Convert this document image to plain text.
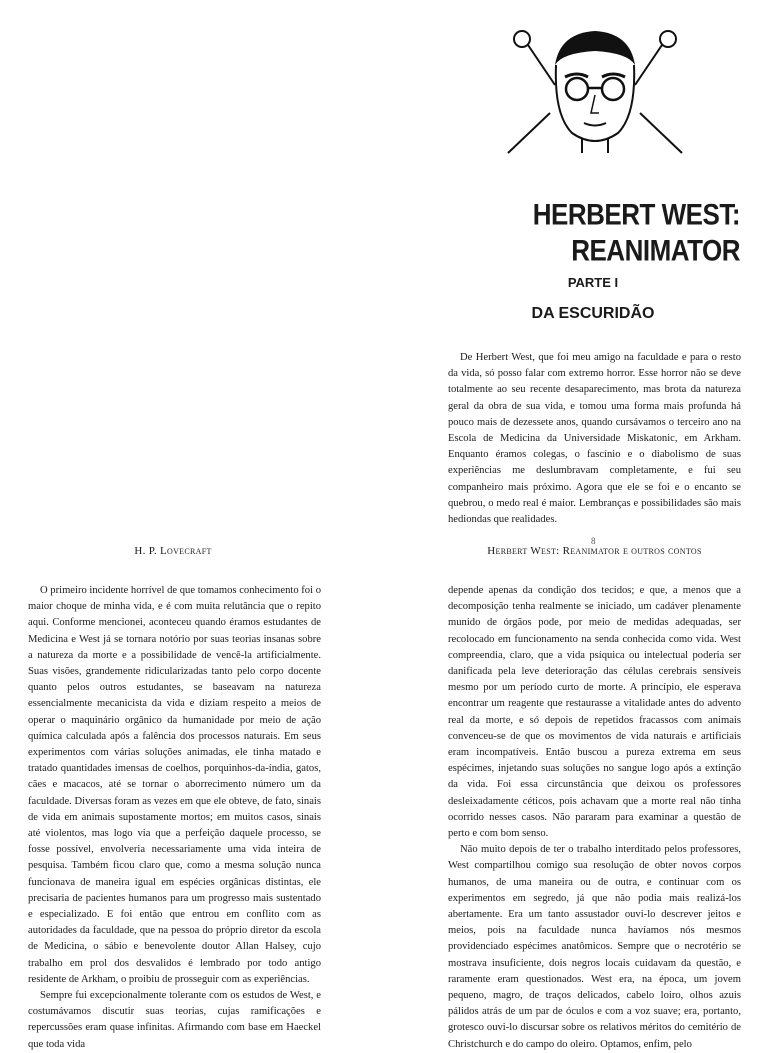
HERBERT WEST: REANIMATOR
PARTE I
DA ESCURIDÃO

De Herbert West, que foi meu amigo na faculdade e para o resto da vida, só posso falar com extremo horror. Esse horror não se deve totalmente ao seu recente desaparecimento, mas brota da natureza geral da obra de sua vida, e tomou uma forma mais profunda há pouco mais de dezessete anos, quando cursávamos o terceiro ano na Escola de Medicina da Universidade Miskatonic, em Arkham. Enquanto éramos colegas, o fascínio e o diabolismo de suas experiências me deslumbravam completamente, e fui seu companheiro mais próximo. Agora que ele se foi e o encanto se quebrou, o medo real é maior. Lembranças e possibilidades são mais hediondas que realidades.

8

H. P. Lovecraft	Herbert West: Reanimator e outros contos

O primeiro incidente horrível de que tomamos conhecimento foi o maior choque de minha vida, e é com muita relutância que o repito aqui. Conforme mencionei, aconteceu quando éramos estudantes de Medicina e West já se tornara notório por suas teorias insanas sobre a natureza da morte e a possibilidade de vencê-la artificialmente. Suas visões, grandemente ridicularizadas tanto pelo corpo docente quanto pelos outros estudantes, se baseavam na natureza essencialmente mecanicista da vida e diziam respeito a meios de operar o maquinário orgânico da humanidade por meio de ação química calculada após a falência dos processos naturais. Em seus experimentos com várias soluções animadas, ele tinha matado e tratado quantidades imensas de coelhos, porquinhos-da-índia, gatos, cães e macacos, até se tornar o aborrecimento número um da faculdade. Diversas foram as vezes em que ele obteve, de fato, sinais de vida em animais supostamente mortos; em muitos casos, sinais até violentos, mas logo via que a perfeição daquele processo, se fosse possível, envolveria necessariamente uma vida inteira de pesquisa. Também ficou claro que, como a mesma solução nunca funcionava de maneira igual em espécies orgânicas distintas, ele precisaria de pacientes humanos para um progresso mais sustentado e especializado. E foi então que entrou em conflito com as autoridades da faculdade, que na pessoa do próprio diretor da escola de Medicina, o sábio e benevolente doutor Allan Halsey, cujo trabalho em prol dos desvalidos é lembrado por todo antigo residente de Arkham, o proibiu de prosseguir com as experiências.

Sempre fui excepcionalmente tolerante com os estudos de West, e costumávamos discutir suas teorias, cujas ramificações e repercussões eram quase infinitas. Afirmando com base em Haeckel que toda vida

depende apenas da condição dos tecidos; e que, a menos que a decomposição tenha realmente se iniciado, um cadáver plenamente munido de órgãos pode, por meio de medidas adequadas, ser recolocado em funcionamento na senda conhecida como vida. West compreendia, claro, que a vida psíquica ou intelectual poderia ser danificada pela leve deterioração das células cerebrais sensíveis mesmo por um período curto de morte. A princípio, ele esperava encontrar um reagente que restaurasse a vitalidade antes do advento real da morte, e só depois de repetidos fracassos com animais convenceu-se de que os movimentos de vida naturais e artificiais eram incompatíveis. Então buscou a pureza extrema em seus espécimes, injetando suas soluções no sangue logo após a extinção da vida. Foi essa circunstância que deixou os professores desleixadamente céticos, pois achavam que a morte real não tinha ocorrido nesses casos. Não pararam para examinar a questão de perto e com bom senso.

Não muito depois de ter o trabalho interditado pelos professores, West compartilhou comigo sua resolução de obter novos corpos humanos, de uma maneira ou de outra, e continuar com os experimentos em segredo, já que não podia mais realizá-los abertamente. Era um tanto assustador ouvi-lo descrever jeitos e meios, pois na faculdade nunca havíamos nós mesmos providenciado espécimes anatômicos. Sempre que o necrotério se mostrava insuficiente, dois negros locais cuidavam da questão, e raramente eram questionados. West era, na época, um jovem pequeno, magro, de traços delicados, cabelo loiro, olhos azuis pálidos atrás de um par de óculos e com a voz suave; era, portanto, grotesco ouvi-lo discursar sobre os relativos méritos do cemitério de Christchurch e do campo do oleiro. Optamos, enfim, pelo
